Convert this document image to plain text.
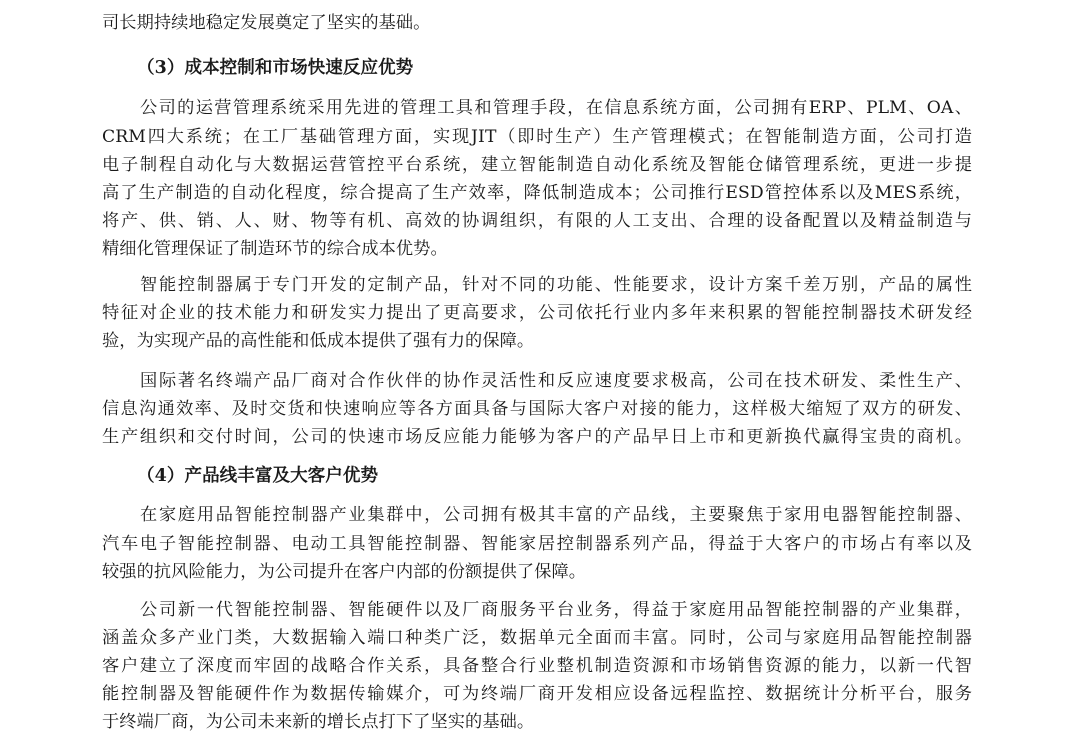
司长期持续地稳定发展奠定了坚实的基础。
（3）成本控制和市场快速反应优势
公司的运营管理系统采用先进的管理工具和管理手段，在信息系统方面，公司拥有ERP、PLM、OA、
CRM四大系统；在工厂基础管理方面，实现JIT（即时生产）生产管理模式；在智能制造方面，公司打造
电子制程自动化与大数据运营管控平台系统，建立智能制造自动化系统及智能仓储管理系统，更进一步提
高了生产制造的自动化程度，综合提高了生产效率，降低制造成本；公司推行ESD管控体系以及MES系统，
将产、供、销、人、财、物等有机、高效的协调组织，有限的人工支出、合理的设备配置以及精益制造与
精细化管理保证了制造环节的综合成本优势。
智能控制器属于专门开发的定制产品，针对不同的功能、性能要求，设计方案千差万别，产品的属性
特征对企业的技术能力和研发实力提出了更高要求，公司依托行业内多年来积累的智能控制器技术研发经
验，为实现产品的高性能和低成本提供了强有力的保障。
国际著名终端产品厂商对合作伙伴的协作灵活性和反应速度要求极高，公司在技术研发、柔性生产、
信息沟通效率、及时交货和快速响应等各方面具备与国际大客户对接的能力，这样极大缩短了双方的研发、
生产组织和交付时间，公司的快速市场反应能力能够为客户的产品早日上市和更新换代赢得宝贵的商机。
（4）产品线丰富及大客户优势
在家庭用品智能控制器产业集群中，公司拥有极其丰富的产品线，主要聚焦于家用电器智能控制器、
汽车电子智能控制器、电动工具智能控制器、智能家居控制器系列产品，得益于大客户的市场占有率以及
较强的抗风险能力，为公司提升在客户内部的份额提供了保障。
公司新一代智能控制器、智能硬件以及厂商服务平台业务，得益于家庭用品智能控制器的产业集群，
涵盖众多产业门类，大数据输入端口种类广泛，数据单元全面而丰富。同时，公司与家庭用品智能控制器
客户建立了深度而牢固的战略合作关系，具备整合行业整机制造资源和市场销售资源的能力，以新一代智
能控制器及智能硬件作为数据传输媒介，可为终端厂商开发相应设备远程监控、数据统计分析平台，服务
于终端厂商，为公司未来新的增长点打下了坚实的基础。
